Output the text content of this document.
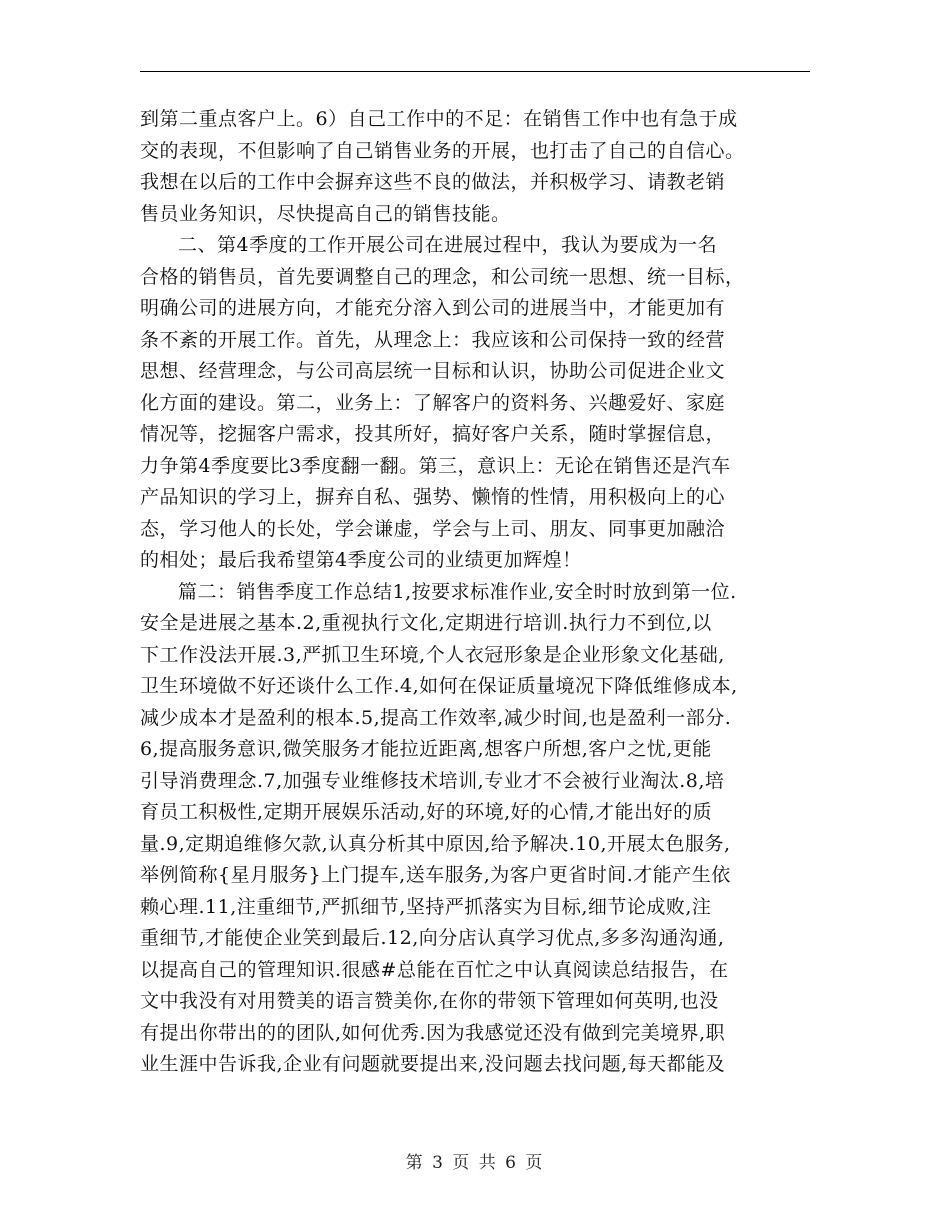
到第二重点客户上。6）自己工作中的不足：在销售工作中也有急于成
交的表现，不但影响了自己销售业务的开展，也打击了自己的自信心。
我想在以后的工作中会摒弃这些不良的做法，并积极学习、请教老销
售员业务知识，尽快提高自己的销售技能。
二、第4季度的工作开展公司在进展过程中，我认为要成为一名
合格的销售员，首先要调整自己的理念，和公司统一思想、统一目标，
明确公司的进展方向，才能充分溶入到公司的进展当中，才能更加有
条不紊的开展工作。首先，从理念上：我应该和公司保持一致的经营
思想、经营理念，与公司高层统一目标和认识，协助公司促进企业文
化方面的建设。第二，业务上：了解客户的资料务、兴趣爱好、家庭
情况等，挖掘客户需求，投其所好，搞好客户关系，随时掌握信息，
力争第4季度要比3季度翻一翻。第三，意识上：无论在销售还是汽车
产品知识的学习上，摒弃自私、强势、懒惰的性情，用积极向上的心
态，学习他人的长处，学会谦虚，学会与上司、朋友、同事更加融洽
的相处；最后我希望第4季度公司的业绩更加辉煌！
篇二：销售季度工作总结1,按要求标准作业,安全时时放到第一位.
安全是进展之基本.2,重视执行文化,定期进行培训.执行力不到位,以
下工作没法开展.3,严抓卫生环境,个人衣冠形象是企业形象文化基础,
卫生环境做不好还谈什么工作.4,如何在保证质量境况下降低维修成本,
减少成本才是盈利的根本.5,提高工作效率,减少时间,也是盈利一部分.
6,提高服务意识,微笑服务才能拉近距离,想客户所想,客户之忧,更能
引导消费理念.7,加强专业维修技术培训,专业才不会被行业淘汰.8,培
育员工积极性,定期开展娱乐活动,好的环境,好的心情,才能出好的质
量.9,定期追维修欠款,认真分析其中原因,给予解决.10,开展太色服务,
举例简称{星月服务}上门提车,送车服务,为客户更省时间.才能产生依
赖心理.11,注重细节,严抓细节,坚持严抓落实为目标,细节论成败,注
重细节,才能使企业笑到最后.12,向分店认真学习优点,多多沟通沟通,
以提高自己的管理知识.很感#总能在百忙之中认真阅读总结报告，在
文中我没有对用赞美的语言赞美你,在你的带领下管理如何英明,也没
有提出你带出的的团队,如何优秀.因为我感觉还没有做到完美境界,职
业生涯中告诉我,企业有问题就要提出来,没问题去找问题,每天都能及
第 3 页 共 6 页
